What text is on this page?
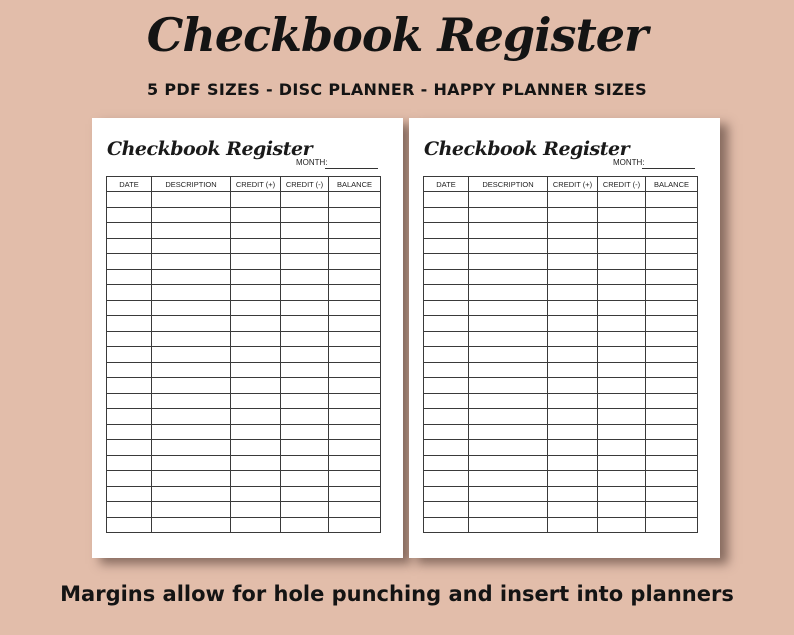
Checkbook Register
5 PDF SIZES - DISC PLANNER - HAPPY PLANNER SIZES
Checkbook Register
MONTH:
DATE	DESCRIPTION	CREDIT (+)	CREDIT (-)	BALANCE

Checkbook Register
MONTH:
DATE	DESCRIPTION	CREDIT (+)	CREDIT (-)	BALANCE

Margins allow for hole punching and insert into planners
